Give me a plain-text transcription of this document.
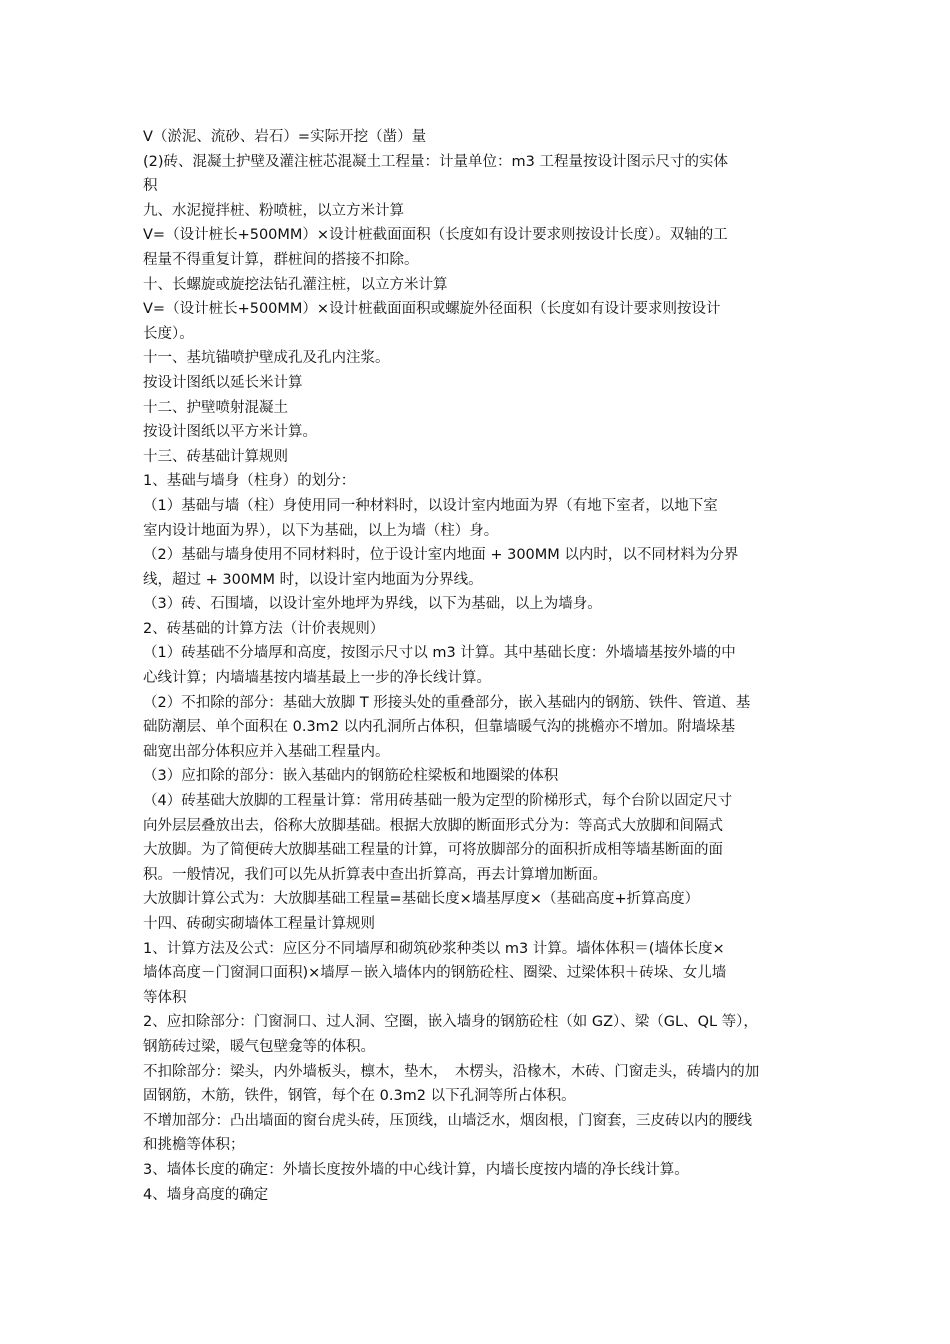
V（淤泥、流砂、岩石）=实际开挖（凿）量
(2)砖、混凝土护壁及灌注桩芯混凝土工程量：计量单位：m3 工程量按设计图示尺寸的实体
积
九、水泥搅拌桩、粉喷桩，以立方米计算
V=（设计桩长+500MM）×设计桩截面面积（长度如有设计要求则按设计长度）。双轴的工
程量不得重复计算，群桩间的搭接不扣除。
十、长螺旋或旋挖法钻孔灌注桩，以立方米计算
V=（设计桩长+500MM）×设计桩截面面积或螺旋外径面积（长度如有设计要求则按设计
长度）。
十一、基坑锚喷护壁成孔及孔内注浆。
按设计图纸以延长米计算
十二、护壁喷射混凝土
按设计图纸以平方米计算。
十三、砖基础计算规则
1、基础与墙身（柱身）的划分：
（1）基础与墙（柱）身使用同一种材料时，以设计室内地面为界（有地下室者，以地下室
室内设计地面为界），以下为基础，以上为墙（柱）身。
（2）基础与墙身使用不同材料时，位于设计室内地面 + 300MM 以内时，以不同材料为分界
线，超过 + 300MM 时，以设计室内地面为分界线。
（3）砖、石围墙，以设计室外地坪为界线，以下为基础，以上为墙身。
2、砖基础的计算方法（计价表规则）
（1）砖基础不分墙厚和高度，按图示尺寸以 m3 计算。其中基础长度：外墙墙基按外墙的中
心线计算；内墙墙基按内墙基最上一步的净长线计算。
（2）不扣除的部分：基础大放脚 T 形接头处的重叠部分，嵌入基础内的钢筋、铁件、管道、基
础防潮层、单个面积在 0.3m2 以内孔洞所占体积，但靠墙暖气沟的挑檐亦不增加。附墙垛基
础宽出部分体积应并入基础工程量内。
（3）应扣除的部分：嵌入基础内的钢筋砼柱梁板和地圈梁的体积
（4）砖基础大放脚的工程量计算：常用砖基础一般为定型的阶梯形式，每个台阶以固定尺寸
向外层层叠放出去，俗称大放脚基础。根据大放脚的断面形式分为：等高式大放脚和间隔式
大放脚。为了简便砖大放脚基础工程量的计算，可将放脚部分的面积折成相等墙基断面的面
积。一般情况，我们可以先从折算表中查出折算高，再去计算增加断面。
大放脚计算公式为：大放脚基础工程量=基础长度×墙基厚度×（基础高度+折算高度）
十四、砖砌实砌墙体工程量计算规则
1、计算方法及公式：应区分不同墙厚和砌筑砂浆种类以 m3 计算。墙体体积＝(墙体长度×
墙体高度－门窗洞口面积)×墙厚－嵌入墙体内的钢筋砼柱、圈梁、过梁体积＋砖垛、女儿墙
等体积
2、应扣除部分：门窗洞口、过人洞、空圈，嵌入墙身的钢筋砼柱（如 GZ）、梁（GL、QL 等），
钢筋砖过梁，暖气包壁龛等的体积。
不扣除部分：梁头，内外墙板头，檩木，垫木，　木楞头，沿椽木，木砖、门窗走头，砖墙内的加
固钢筋，木筋，铁件，钢管，每个在 0.3m2 以下孔洞等所占体积。
不增加部分：凸出墙面的窗台虎头砖，压顶线，山墙泛水，烟囱根，门窗套，三皮砖以内的腰线
和挑檐等体积；
3、墙体长度的确定：外墙长度按外墙的中心线计算，内墙长度按内墙的净长线计算。
4、墙身高度的确定
